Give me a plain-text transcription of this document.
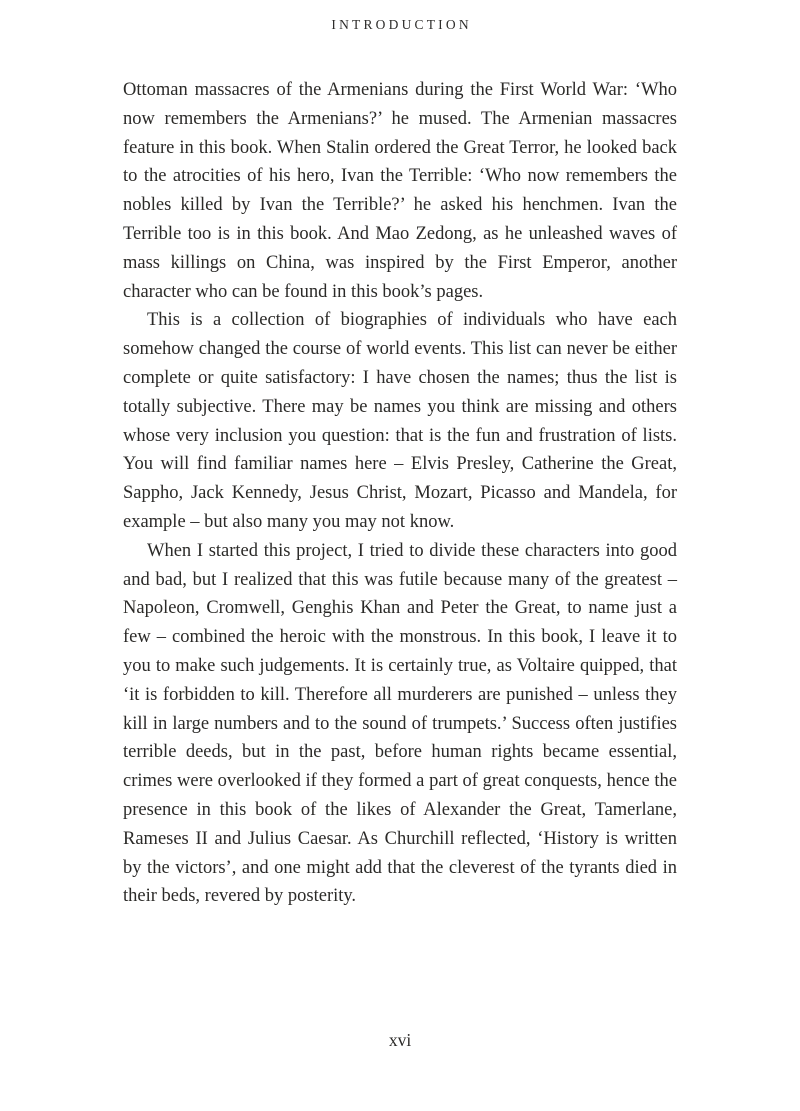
INTRODUCTION

Ottoman massacres of the Armenians during the First World War: ‘Who now remembers the Armenians?’ he mused. The Armenian massacres feature in this book. When Stalin ordered the Great Terror, he looked back to the atrocities of his hero, Ivan the Terrible: ‘Who now remembers the nobles killed by Ivan the Terrible?’ he asked his henchmen. Ivan the Terrible too is in this book. And Mao Zedong, as he unleashed waves of mass killings on China, was inspired by the First Emperor, another character who can be found in this book’s pages.

This is a collection of biographies of individuals who have each somehow changed the course of world events. This list can never be either complete or quite satisfactory: I have chosen the names; thus the list is totally subjective. There may be names you think are missing and others whose very inclusion you question: that is the fun and frustration of lists. You will find familiar names here – Elvis Presley, Catherine the Great, Sappho, Jack Kennedy, Jesus Christ, Mozart, Picasso and Mandela, for example – but also many you may not know.

When I started this project, I tried to divide these characters into good and bad, but I realized that this was futile because many of the greatest – Napoleon, Cromwell, Genghis Khan and Peter the Great, to name just a few – combined the heroic with the monstrous. In this book, I leave it to you to make such judgements. It is certainly true, as Voltaire quipped, that ‘it is forbidden to kill. Therefore all murderers are punished – unless they kill in large numbers and to the sound of trumpets.’ Success often justifies terrible deeds, but in the past, before human rights became essential, crimes were overlooked if they formed a part of great conquests, hence the presence in this book of the likes of Alexander the Great, Tamerlane, Rameses II and Julius Caesar. As Churchill reflected, ‘History is written by the victors’, and one might add that the cleverest of the tyrants died in their beds, revered by posterity.

xvi
